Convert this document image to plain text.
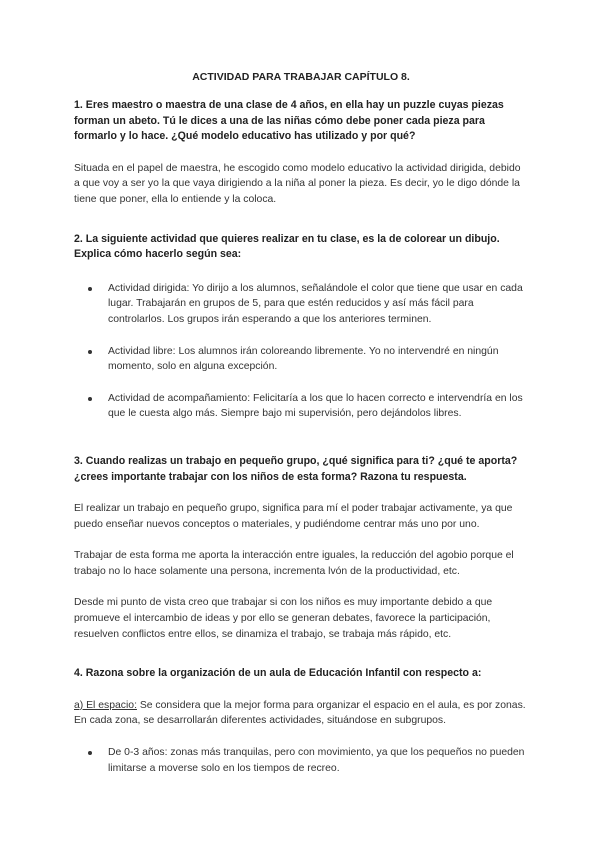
ACTIVIDAD PARA TRABAJAR CAPÍTULO 8.

1. Eres maestro o maestra de una clase de 4 años, en ella hay un puzzle cuyas piezas forman un abeto. Tú le dices a una de las niñas cómo debe poner cada pieza para formarlo y lo hace. ¿Qué modelo educativo has utilizado y por qué?

Situada en el papel de maestra, he escogido como modelo educativo la actividad dirigida, debido a que voy a ser yo la que vaya dirigiendo a la niña al poner la pieza. Es decir, yo le digo dónde la tiene que poner, ella lo entiende y la coloca.

2. La siguiente actividad que quieres realizar en tu clase, es la de colorear un dibujo. Explica cómo hacerlo según sea:

Actividad dirigida: Yo dirijo a los alumnos, señalándole el color que tiene que usar en cada lugar. Trabajarán en grupos de 5, para que estén reducidos y así más fácil para controlarlos. Los grupos irán esperando a que los anteriores terminen.
Actividad libre: Los alumnos irán coloreando libremente. Yo no intervendré en ningún momento, solo en alguna excepción.
Actividad de acompañamiento: Felicitaría a los que lo hacen correcto e intervendría en los que le cuesta algo más. Siempre bajo mi supervisión, pero dejándolos libres.

3. Cuando realizas un trabajo en pequeño grupo, ¿qué significa para ti? ¿qué te aporta? ¿crees importante trabajar con los niños de esta forma? Razona tu respuesta.

El realizar un trabajo en pequeño grupo, significa para mí el poder trabajar activamente, ya que puedo enseñar nuevos conceptos o materiales, y pudiéndome centrar más uno por uno.

Trabajar de esta forma me aporta la interacción entre iguales, la reducción del agobio porque el trabajo no lo hace solamente una persona, incrementa lvón de la productividad, etc.

Desde mi punto de vista creo que trabajar si con los niños es muy importante debido a que promueve el intercambio de ideas y por ello se generan debates, favorece la participación, resuelven conflictos entre ellos, se dinamiza el trabajo, se trabaja más rápido, etc.

4. Razona sobre la organización de un aula de Educación Infantil con respecto a:

a) El espacio: Se considera que la mejor forma para organizar el espacio en el aula, es por zonas. En cada zona, se desarrollarán diferentes actividades, situándose en subgrupos.

De 0-3 años: zonas más tranquilas, pero con movimiento, ya que los pequeños no pueden limitarse a moverse solo en los tiempos de recreo.
